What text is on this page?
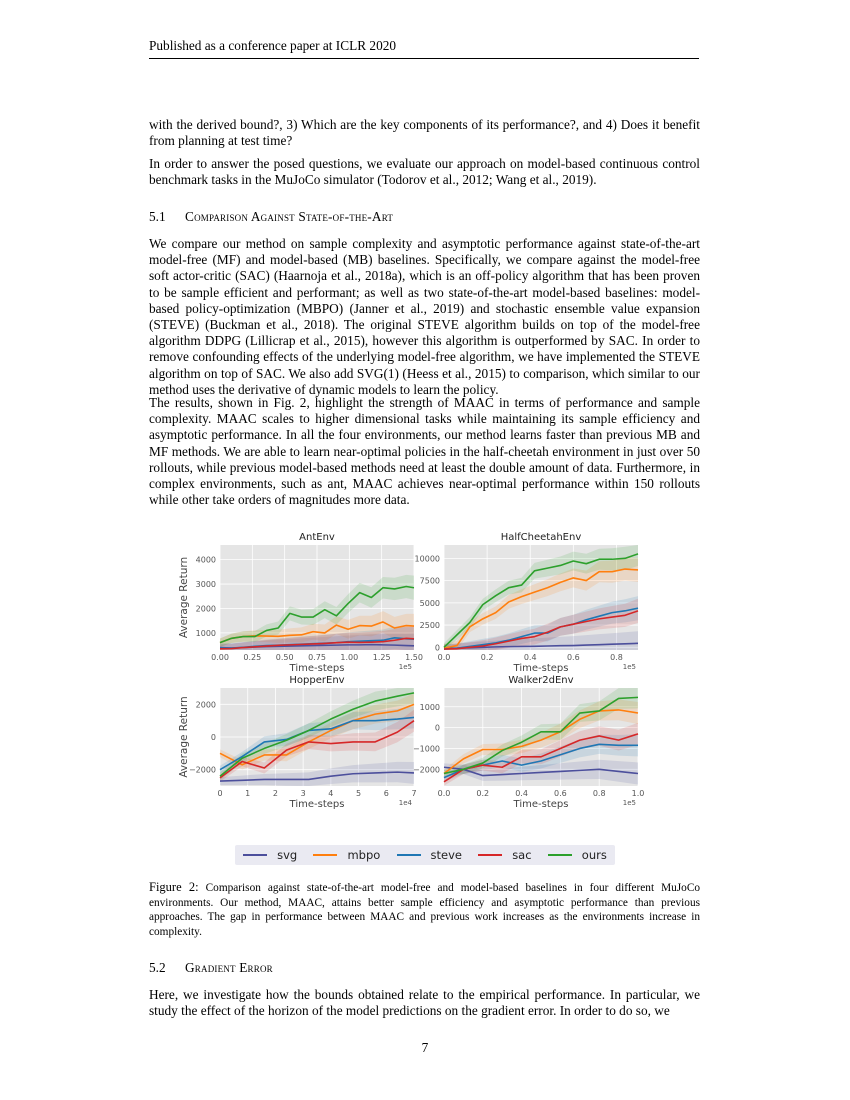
Published as a conference paper at ICLR 2020

with the derived bound?, 3) Which are the key components of its performance?, and 4) Does it benefit from planning at test time?

In order to answer the posed questions, we evaluate our approach on model-based continuous control benchmark tasks in the MuJoCo simulator (Todorov et al., 2012; Wang et al., 2019).

5.1 Comparison Against State-of-the-Art

We compare our method on sample complexity and asymptotic performance against state-of-the-art model-free (MF) and model-based (MB) baselines. Specifically, we compare against the model-free soft actor-critic (SAC) (Haarnoja et al., 2018a), which is an off-policy algorithm that has been proven to be sample efficient and performant; as well as two state-of-the-art model-based baselines: model-based policy-optimization (MBPO) (Janner et al., 2019) and stochastic ensemble value expansion (STEVE) (Buckman et al., 2018). The original STEVE algorithm builds on top of the model-free algorithm DDPG (Lillicrap et al., 2015), however this algorithm is outperformed by SAC. In order to remove confounding effects of the underlying model-free algorithm, we have implemented the STEVE algorithm on top of SAC. We also add SVG(1) (Heess et al., 2015) to comparison, which similar to our method uses the derivative of dynamic models to learn the policy.

The results, shown in Fig. 2, highlight the strength of MAAC in terms of performance and sample complexity. MAAC scales to higher dimensional tasks while maintaining its sample efficiency and asymptotic performance. In all the four environments, our method learns faster than previous MB and MF methods. We are able to learn near-optimal policies in the half-cheetah environment in just over 50 rollouts, while previous model-based methods need at least the double amount of data. Furthermore, in complex environments, such as ant, MAAC achieves near-optimal performance within 150 rollouts while other take orders of magnitudes more data.

0.00 0.25 0.50 0.75 1.00 1.25 1.50
1000
2000
3000
4000
AntEnv
Time-steps	1e5
Average Return
0.0	0.2	0.4	0.6	0.8
0
2500
5000
7500
10000
HalfCheetahEnv
Time-steps	1e5
0	1	2	3	4	5	6	7
−2000
0
2000
HopperEnv
Time-steps	1e4
Average Return
0.0	0.2	0.4	0.6	0.8	1.0
−2000
−1000
0
1000
Walker2dEnv
Time-steps	1e5
svg	mbpo	steve	sac	ours
Figure 2: Comparison against state-of-the-art model-free and model-based baselines in four different MuJoCo environments. Our method, MAAC, attains better sample efficiency and asymptotic performance than previous approaches. The gap in performance between MAAC and previous work increases as the environments increase in complexity.
5.2 Gradient Error

Here, we investigate how the bounds obtained relate to the empirical performance. In particular, we study the effect of the horizon of the model predictions on the gradient error. In order to do so, we

7
